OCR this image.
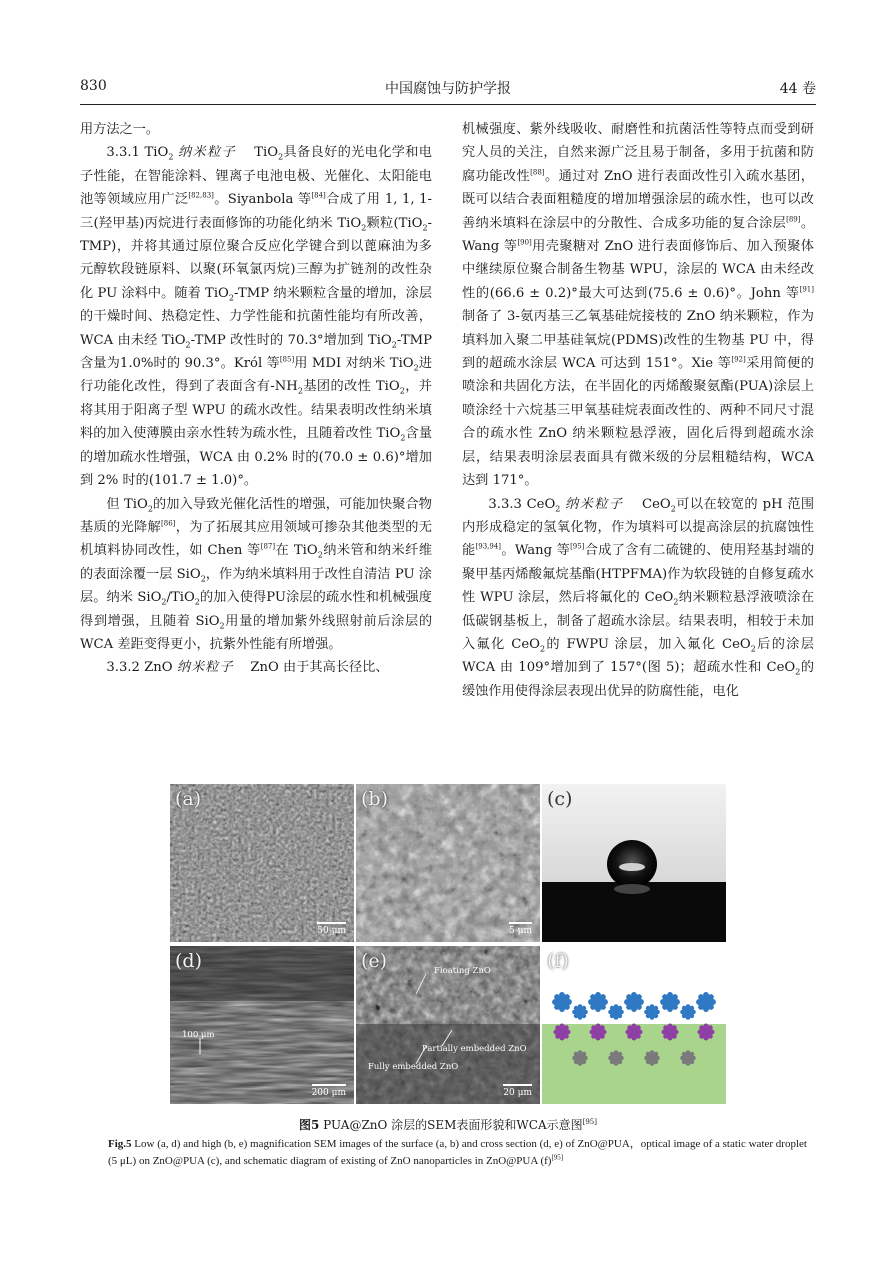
830	中国腐蚀与防护学报	44 卷

用方法之一。

3.3.1 TiO$_2$ 纳米粒子 TiO$_2$具备良好的光电化学和电子性能，在智能涂料、锂离子电池电极、光催化、太阳能电池等领域应用广泛[82,83]。Siyanbola 等[84]合成了用 1, 1, 1-三(羟甲基)丙烷进行表面修饰的功能化纳米 TiO$_2$颗粒(TiO$_2$-TMP)，并将其通过原位聚合反应化学键合到以蓖麻油为多元醇软段链原料、以聚(环氧氯丙烷)三醇为扩链剂的改性杂化 PU 涂料中。随着 TiO$_2$-TMP 纳米颗粒含量的增加，涂层的干燥时间、热稳定性、力学性能和抗菌性能均有所改善，WCA 由未经 TiO$_2$-TMP 改性时的 70.3°增加到 TiO$_2$-TMP 含量为1.0%时的 90.3°。Król 等[85]用 MDI 对纳米 TiO$_2$进行功能化改性，得到了表面含有$-NH_2$基团的改性 TiO$_2$，并将其用于阳离子型 WPU 的疏水改性。结果表明改性纳米填料的加入使薄膜由亲水性转为疏水性，且随着改性 TiO$_2$含量的增加疏水性增强，WCA 由 0.2% 时的(70.0 ± 0.6)°增加到 2% 时的(101.7 ± 1.0)°。

但 TiO$_2$的加入导致光催化活性的增强，可能加快聚合物基质的光降解[86]，为了拓展其应用领域可掺杂其他类型的无机填料协同改性，如 Chen 等[87]在 TiO$_2$纳米管和纳米纤维的表面涂覆一层 SiO$_2$，作为纳米填料用于改性自清洁 PU 涂层。纳米 SiO$_2$/TiO$_2$的加入使得PU涂层的疏水性和机械强度得到增强，且随着 SiO$_2$用量的增加紫外线照射前后涂层的 WCA 差距变得更小，抗紫外性能有所增强。

3.3.2 ZnO 纳米粒子 ZnO 由于其高长径比、

机械强度、紫外线吸收、耐磨性和抗菌活性等特点而受到研究人员的关注，自然来源广泛且易于制备，多用于抗菌和防腐功能改性[88]。通过对 ZnO 进行表面改性引入疏水基团，既可以结合表面粗糙度的增加增强涂层的疏水性，也可以改善纳米填料在涂层中的分散性、合成多功能的复合涂层[89]。Wang 等[90]用壳聚糖对 ZnO 进行表面修饰后、加入预聚体中继续原位聚合制备生物基 WPU，涂层的 WCA 由未经改性的(66.6 ± 0.2)°最大可达到(75.6 ± 0.6)°。John 等[91]制备了 3-氨丙基三乙氧基硅烷接枝的 ZnO 纳米颗粒，作为填料加入聚二甲基硅氧烷(PDMS)改性的生物基 PU 中，得到的超疏水涂层 WCA 可达到 151°。Xie 等[92]采用简便的喷涂和共固化方法，在半固化的丙烯酸聚氨酯(PUA)涂层上喷涂经十六烷基三甲氧基硅烷表面改性的、两种不同尺寸混合的疏水性 ZnO 纳米颗粒悬浮液，固化后得到超疏水涂层，结果表明涂层表面具有微米级的分层粗糙结构，WCA 达到 171°。

3.3.3 CeO$_2$ 纳米粒子 CeO$_2$可以在较宽的 pH 范围内形成稳定的氢氧化物，作为填料可以提高涂层的抗腐蚀性能[93,94]。Wang 等[95]合成了含有二硫键的、使用羟基封端的聚甲基丙烯酸氟烷基酯(HTPFMA)作为软段链的自修复疏水性 WPU 涂层，然后将氟化的 CeO$_2$纳米颗粒悬浮液喷涂在低碳钢基板上，制备了超疏水涂层。结果表明，相较于未加入氟化 CeO$_2$的 FWPU 涂层，加入氟化 CeO$_2$后的涂层 WCA 由 109°增加到了 157°(图 5)；超疏水性和 CeO$_2$的缓蚀作用使得涂层表现出优异的防腐性能，电化

(a)
50 μm
(b)
5 μm
(c)
(d)
100 μm
200 μm
(e)	Floating ZnO
Partially embedded ZnO
Fully embedded ZnO
20 μm
(f)
图5 PUA@ZnO 涂层的SEM表面形貌和WCA示意图[95]
Fig.5 Low (a, d) and high (b, e) magnification SEM images of the surface (a, b) and cross section (d, e) of ZnO@PUA，optical image of a static water droplet (5 μL) on ZnO@PUA (c), and schematic diagram of existing of ZnO nanoparticles in ZnO@PUA (f)[95]
